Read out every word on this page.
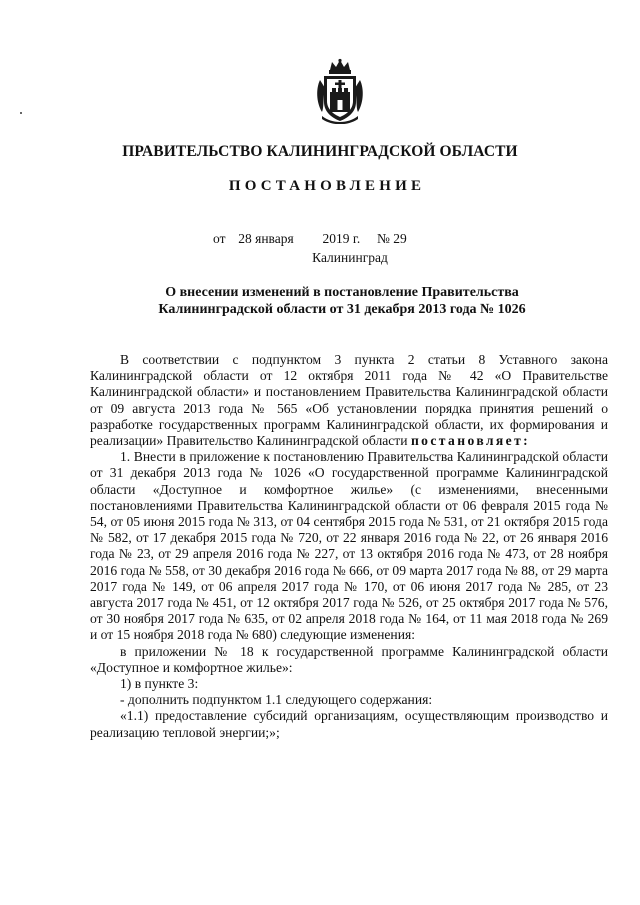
ПРАВИТЕЛЬСТВО КАЛИНИНГРАДСКОЙ ОБЛАСТИ
ПОСТАНОВЛЕНИЕ
от 28 января 2019 г. № 29
Калининград
О внесении изменений в постановление Правительства
Калининградской области от 31 декабря 2013 года № 1026

В соответствии с подпунктом 3 пункта 2 статьи 8 Уставного закона Калининградской области от 12 октября 2011 года № 42 «О Правительстве Калининградской области» и постановлением Правительства Калининградской области от 09 августа 2013 года № 565 «Об установлении порядка принятия решений о разработке государственных программ Калининградской области, их формирования и реализации» Правительство Калининградской области постановляет:

1. Внести в приложение к постановлению Правительства Калининградской области от 31 декабря 2013 года № 1026 «О государственной программе Калининградской области «Доступное и комфортное жилье» (с изменениями, внесенными постановлениями Правительства Калининградской области от 06 февраля 2015 года № 54, от 05 июня 2015 года № 313, от 04 сентября 2015 года № 531, от 21 октября 2015 года № 582, от 17 декабря 2015 года № 720, от 22 января 2016 года № 22, от 26 января 2016 года № 23, от 29 апреля 2016 года № 227, от 13 октября 2016 года № 473, от 28 ноября 2016 года № 558, от 30 декабря 2016 года № 666, от 09 марта 2017 года № 88, от 29 марта 2017 года № 149, от 06 апреля 2017 года № 170, от 06 июня 2017 года № 285, от 23 августа 2017 года № 451, от 12 октября 2017 года № 526, от 25 октября 2017 года № 576, от 30 ноября 2017 года № 635, от 02 апреля 2018 года № 164, от 11 мая 2018 года № 269 и от 15 ноября 2018 года № 680) следующие изменения:

в приложении № 18 к государственной программе Калининградской области «Доступное и комфортное жилье»:

1) в пункте 3:

- дополнить подпунктом 1.1 следующего содержания:

«1.1) предоставление субсидий организациям, осуществляющим производство и реализацию тепловой энергии;»;
